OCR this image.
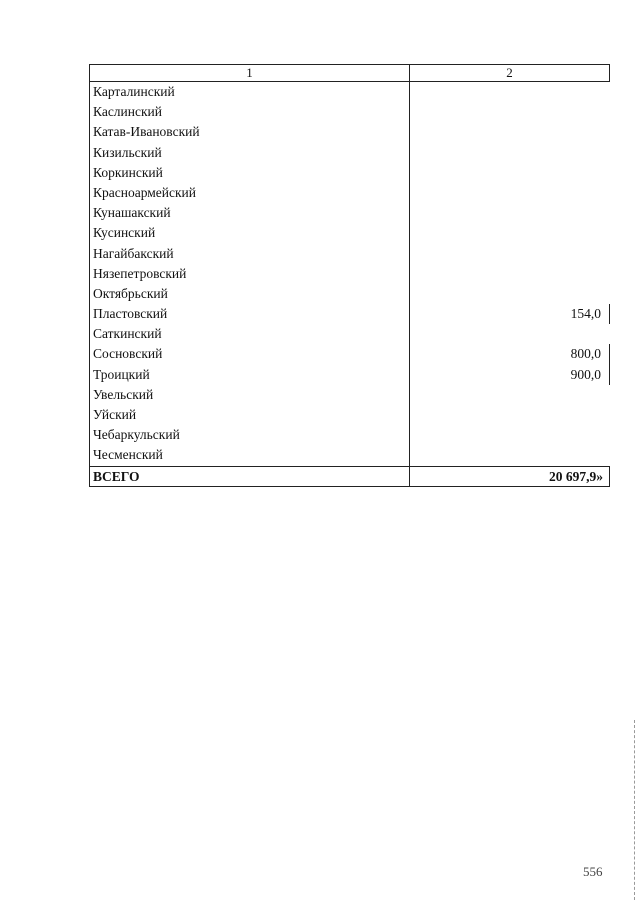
1	2
Карталинский
Каслинский
Катав-Ивановский
Кизильский
Коркинский
Красноармейский
Кунашакский
Кусинский
Нагайбакский
Нязепетровский
Октябрьский
Пластовский	154,0
Саткинский
Сосновский	800,0
Троицкий	900,0
Увельский
Уйский
Чебаркульский
Чесменский
ВСЕГО	20 697,9»
556
